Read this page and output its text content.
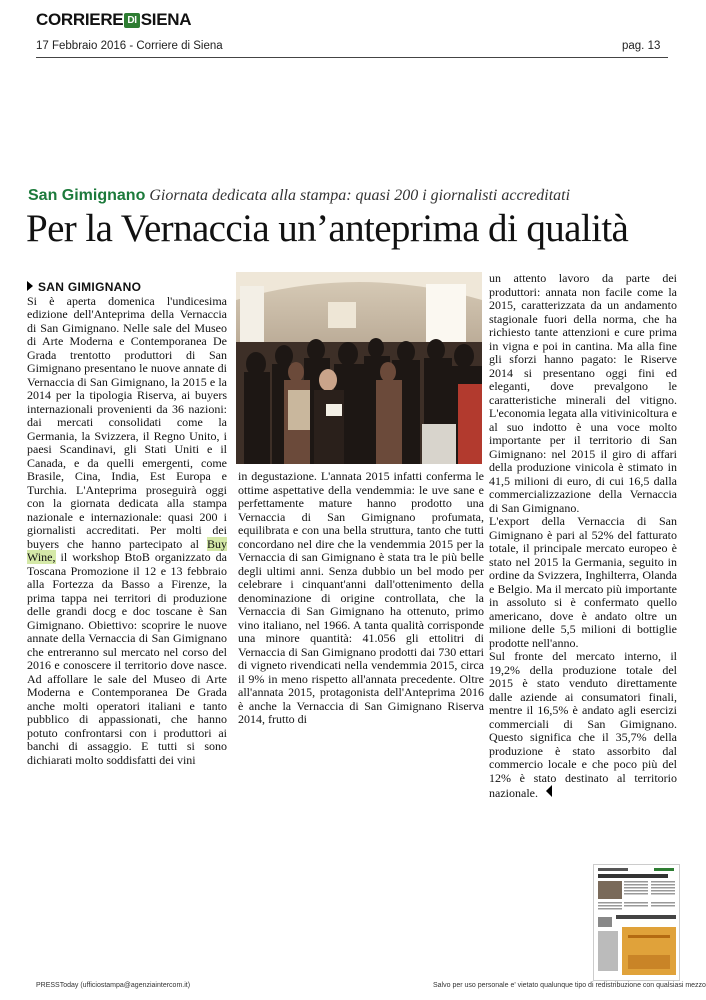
CORRIERE DI SIENA
17 Febbraio 2016 - Corriere di Siena	pag. 13
San Gimignano Giornata dedicata alla stampa: quasi 200 i giornalisti accreditati
Per la Vernaccia un’anteprima di qualità
SAN GIMIGNANO

Si è aperta domenica l'undicesima edizione dell'Anteprima della Vernaccia di San Gimignano. Nelle sale del Museo di Arte Moderna e Contemporanea De Grada trentotto produttori di San Gimignano presentano le nuove annate di Vernaccia di San Gimignano, la 2015 e la 2014 per la tipologia Riserva, ai buyers internazionali provenienti da 36 nazioni: dai mercati consolidati come la Germania, la Svizzera, il Regno Unito, i paesi Scandinavi, gli Stati Uniti e il Canada, e da quelli emergenti, come Brasile, Cina, India, Est Europa e Turchia. L'Anteprima proseguirà oggi con la giornata dedicata alla stampa nazionale e internazionale: quasi 200 i giornalisti accreditati. Per molti dei buyers che hanno partecipato al Buy Wine, il workshop BtoB organizzato da Toscana Promozione il 12 e 13 febbraio alla Fortezza da Basso a Firenze, la prima tappa nei territori di produzione delle grandi docg e doc toscane è San Gimignano. Obiettivo: scoprire le nuove annate della Vernaccia di San Gimignano che entreranno sul mercato nel corso del 2016 e conoscere il territorio dove nasce. Ad affollare le sale del Museo di Arte Moderna e Contemporanea De Grada anche molti operatori italiani e tanto pubblico di appassionati, che hanno potuto confrontarsi con i produttori ai banchi di assaggio. E tutti si sono dichiarati molto soddisfatti dei vini

in degustazione. L'annata 2015 infatti conferma le ottime aspettative della vendemmia: le uve sane e perfettamente mature hanno prodotto una Vernaccia di San Gimignano profumata, equilibrata e con una bella struttura, tanto che tutti concordano nel dire che la vendemmia 2015 per la Vernaccia di san Gimignano è stata tra le più belle degli ultimi anni. Senza dubbio un bel modo per celebrare i cinquant'anni dall'ottenimento della denominazione di origine controllata, che la Vernaccia di San Gimignano ha ottenuto, primo vino italiano, nel 1966. A tanta qualità corrisponde una minore quantità: 41.056 gli ettolitri di Vernaccia di San Gimignano prodotti dai 730 ettari di vigneto rivendicati nella vendemmia 2015, circa il 9% in meno rispetto all'annata precedente. Oltre all'annata 2015, protagonista dell'Anteprima 2016 è anche la Vernaccia di San Gimignano Riserva 2014, frutto di

un attento lavoro da parte dei produttori: annata non facile come la 2015, caratterizzata da un andamento stagionale fuori della norma, che ha richiesto tante attenzioni e cure prima in vigna e poi in cantina. Ma alla fine gli sforzi hanno pagato: le Riserve 2014 si presentano oggi fini ed eleganti, dove prevalgono le caratteristiche minerali del vitigno. L'economia legata alla vitivinicoltura e al suo indotto è una voce molto importante per il territorio di San Gimignano: nel 2015 il giro di affari della produzione vinicola è stimato in 41,5 milioni di euro, di cui 16,5 dalla commercializzazione della Vernaccia di San Gimignano.

L'export della Vernaccia di San Gimignano è pari al 52% del fatturato totale, il principale mercato europeo è stato nel 2015 la Germania, seguito in ordine da Svizzera, Inghilterra, Olanda e Belgio. Ma il mercato più importante in assoluto si è confermato quello americano, dove è andato oltre un milione delle 5,5 milioni di bottiglie prodotte nell'anno.

Sul fronte del mercato interno, il 19,2% della produzione totale del 2015 è stato venduto direttamente dalle aziende ai consumatori finali, mentre il 16,5% è andato agli esercizi commerciali di San Gimignano. Questo significa che il 35,7% della produzione è stato assorbito dal commercio locale e che poco più del 12% è stato destinato al territorio nazionale.

PRESSToday (ufficiostampa@agenziaintercom.it)	Salvo per uso personale e' vietato qualunque tipo di redistribuzione con qualsiasi mezzo
